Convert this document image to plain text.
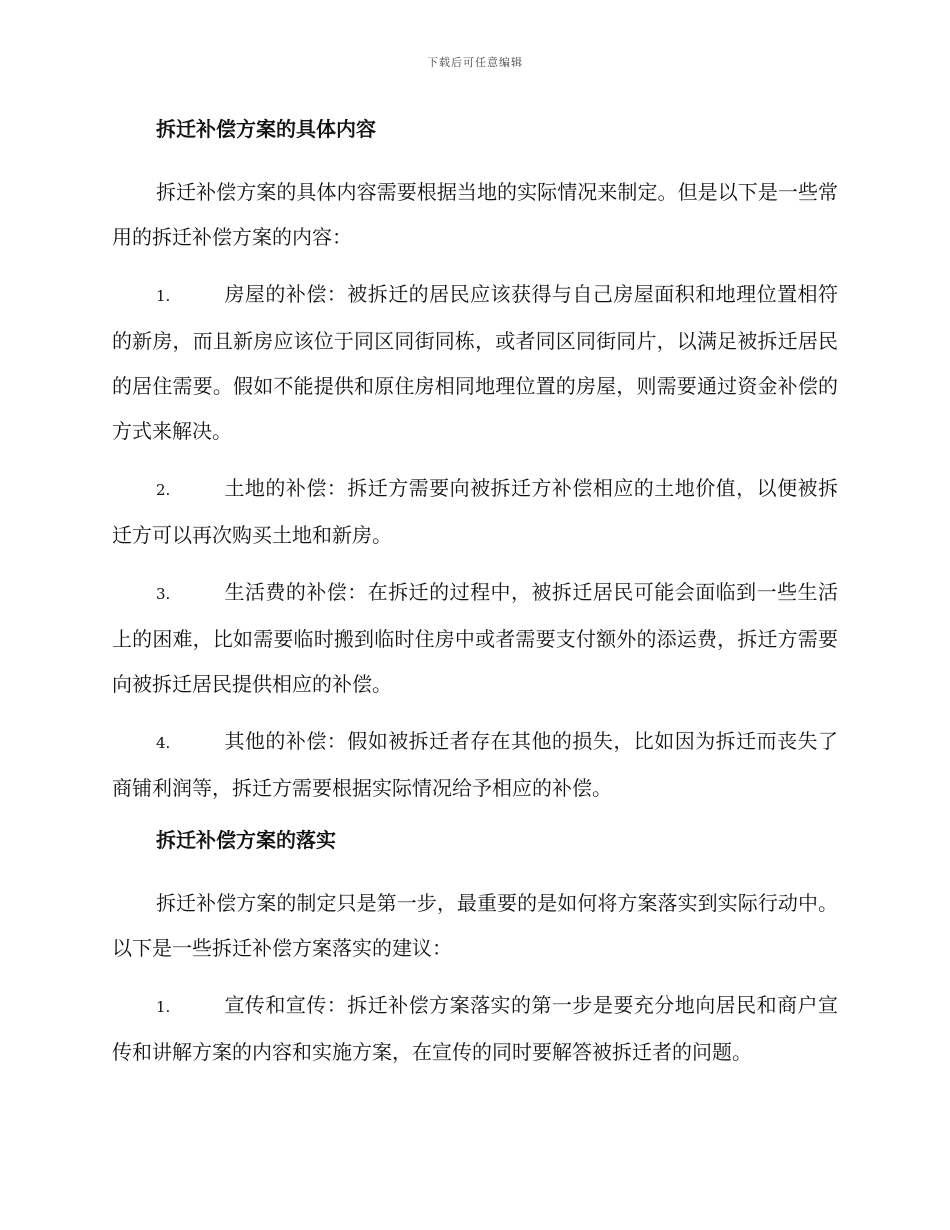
下载后可任意编辑
拆迁补偿方案的具体内容

拆迁补偿方案的具体内容需要根据当地的实际情况来制定。但是以下是一些常用的拆迁补偿方案的内容：

1.	房屋的补偿：被拆迁的居民应该获得与自己房屋面积和地理位置相符的新房，而且新房应该位于同区同街同栋，或者同区同街同片，以满足被拆迁居民的居住需要。假如不能提供和原住房相同地理位置的房屋，则需要通过资金补偿的方式来解决。

2.	土地的补偿：拆迁方需要向被拆迁方补偿相应的土地价值，以便被拆迁方可以再次购买土地和新房。

3.	生活费的补偿：在拆迁的过程中，被拆迁居民可能会面临到一些生活上的困难，比如需要临时搬到临时住房中或者需要支付额外的添运费，拆迁方需要向被拆迁居民提供相应的补偿。

4.	其他的补偿：假如被拆迁者存在其他的损失，比如因为拆迁而丧失了商铺利润等，拆迁方需要根据实际情况给予相应的补偿。

拆迁补偿方案的落实

拆迁补偿方案的制定只是第一步，最重要的是如何将方案落实到实际行动中。以下是一些拆迁补偿方案落实的建议：

1.	宣传和宣传：拆迁补偿方案落实的第一步是要充分地向居民和商户宣传和讲解方案的内容和实施方案，在宣传的同时要解答被拆迁者的问题。
